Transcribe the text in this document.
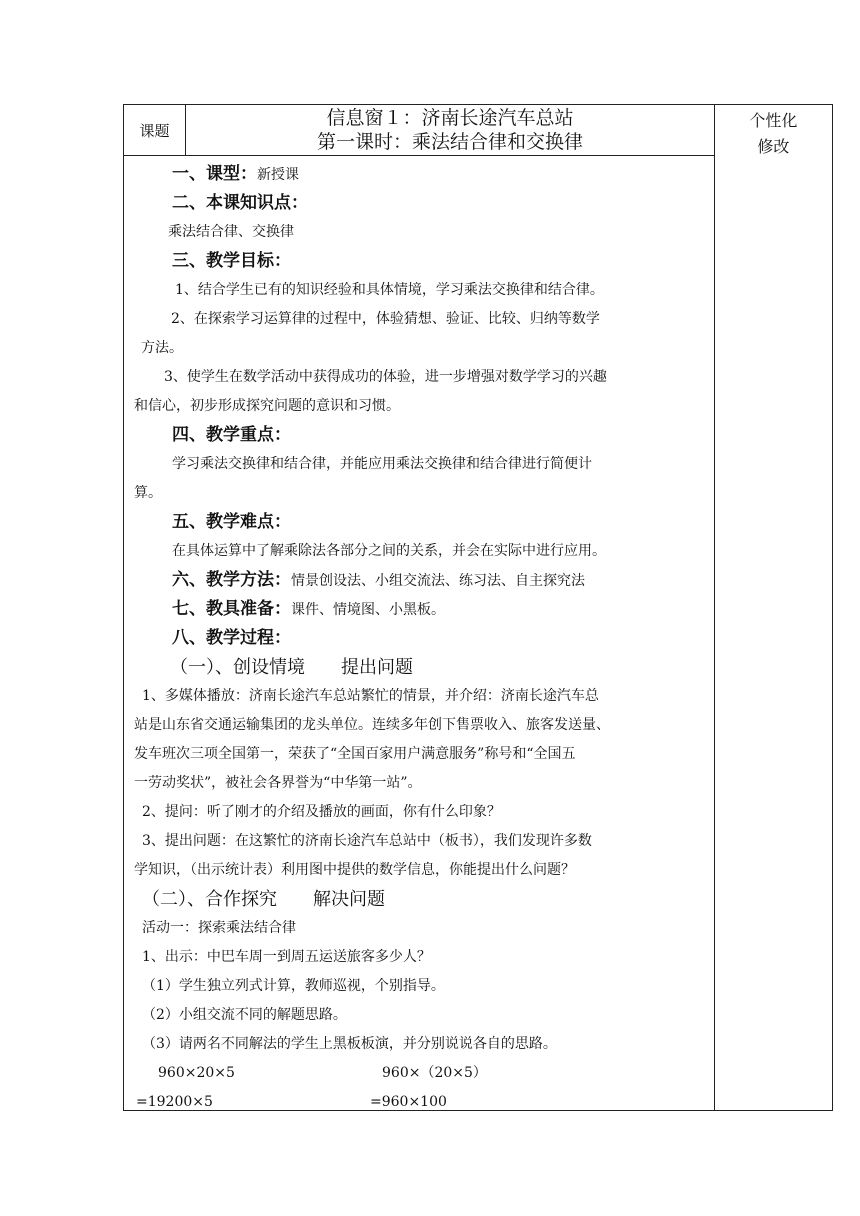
课题	
信息窗１：济南长途汽车总站
第一课时：乘法结合律和交换律

个性化
修改

一、课型：新授课
二、本课知识点：
乘法结合律、交换律
三、教学目标：
1、结合学生已有的知识经验和具体情境，学习乘法交换律和结合律。
2、在探索学习运算律的过程中，体验猜想、验证、比较、归纳等数学
方法。
3、使学生在数学活动中获得成功的体验，进一步增强对数学学习的兴趣
和信心，初步形成探究问题的意识和习惯。
四、教学重点：
学习乘法交换律和结合律，并能应用乘法交换律和结合律进行简便计
算。
五、教学难点：
在具体运算中了解乘除法各部分之间的关系，并会在实际中进行应用。
六、教学方法：情景创设法、小组交流法、练习法、自主探究法
七、教具准备：课件、情境图、小黑板。
八、教学过程：
（一）、创设情境　　提出问题
1、多媒体播放：济南长途汽车总站繁忙的情景，并介绍：济南长途汽车总
站是山东省交通运输集团的龙头单位。连续多年创下售票收入、旅客发送量、
发车班次三项全国第一，荣获了“全国百家用户满意服务”称号和“全国五
一劳动奖状”，被社会各界誉为“中华第一站”。
2、提问：听了刚才的介绍及播放的画面，你有什么印象？
3、提出问题：在这繁忙的济南长途汽车总站中（板书），我们发现许多数
学知识，（出示统计表）利用图中提供的数学信息，你能提出什么问题？
（二）、合作探究　　解决问题
活动一：探索乘法结合律
1、出示：中巴车周一到周五运送旅客多少人？
（1）学生独立列式计算，教师巡视，个别指导。
（2）小组交流不同的解题思路。
（3）请两名不同解法的学生上黑板板演，并分别说说各自的思路。
960×20×5	960×（20×5）
=19200×5	=960×100
